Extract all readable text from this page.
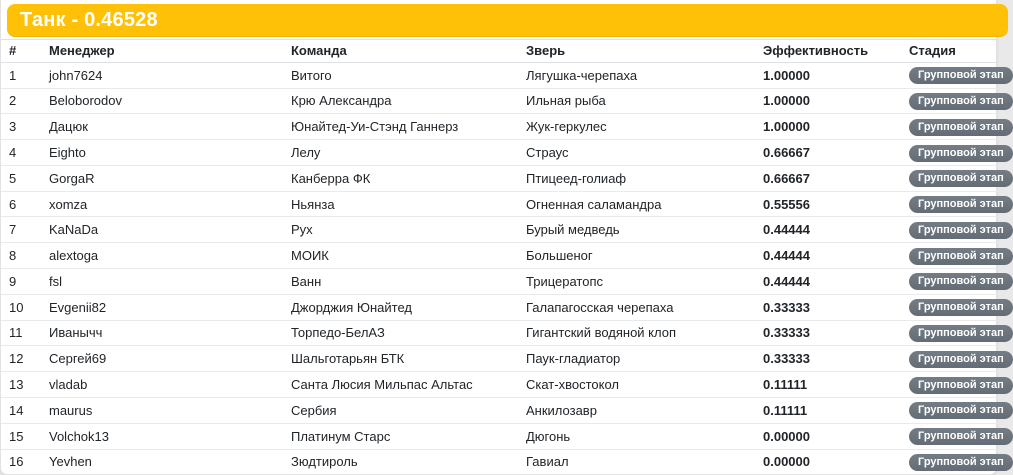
Танк - 0.46528
#	Менеджер	Команда	Зверь	Эффективность	Стадия
1	john7624	Витого	Лягушка-черепаха	1.00000	Групповой этап
2	Beloborodov	Крю Александра	Ильная рыба	1.00000	Групповой этап
3	Дацюк	Юнайтед-Уи-Стэнд Ганнерз	Жук-геркулес	1.00000	Групповой этап
4	Eighto	Лелу	Страус	0.66667	Групповой этап
5	GorgaR	Канберра ФК	Птицеед-голиаф	0.66667	Групповой этап
6	xomza	Ньянза	Огненная саламандра	0.55556	Групповой этап
7	KaNaDa	Рух	Бурый медведь	0.44444	Групповой этап
8	alextoga	МОИК	Большеног	0.44444	Групповой этап
9	fsl	Ванн	Трицератопс	0.44444	Групповой этап
10	Evgenii82	Джорджия Юнайтед	Галапагосская черепаха	0.33333	Групповой этап
11	Иванычч	Торпедо-БелАЗ	Гигантский водяной клоп	0.33333	Групповой этап
12	Сергей69	Шальготарьян БТК	Паук-гладиатор	0.33333	Групповой этап
13	vladab	Санта Люсия Мильпас Альтас	Скат-хвостокол	0.11111	Групповой этап
14	maurus	Сербия	Анкилозавр	0.11111	Групповой этап
15	Volchok13	Платинум Старс	Дюгонь	0.00000	Групповой этап
16	Yevhen	Зюдтироль	Гавиал	0.00000	Групповой этап
